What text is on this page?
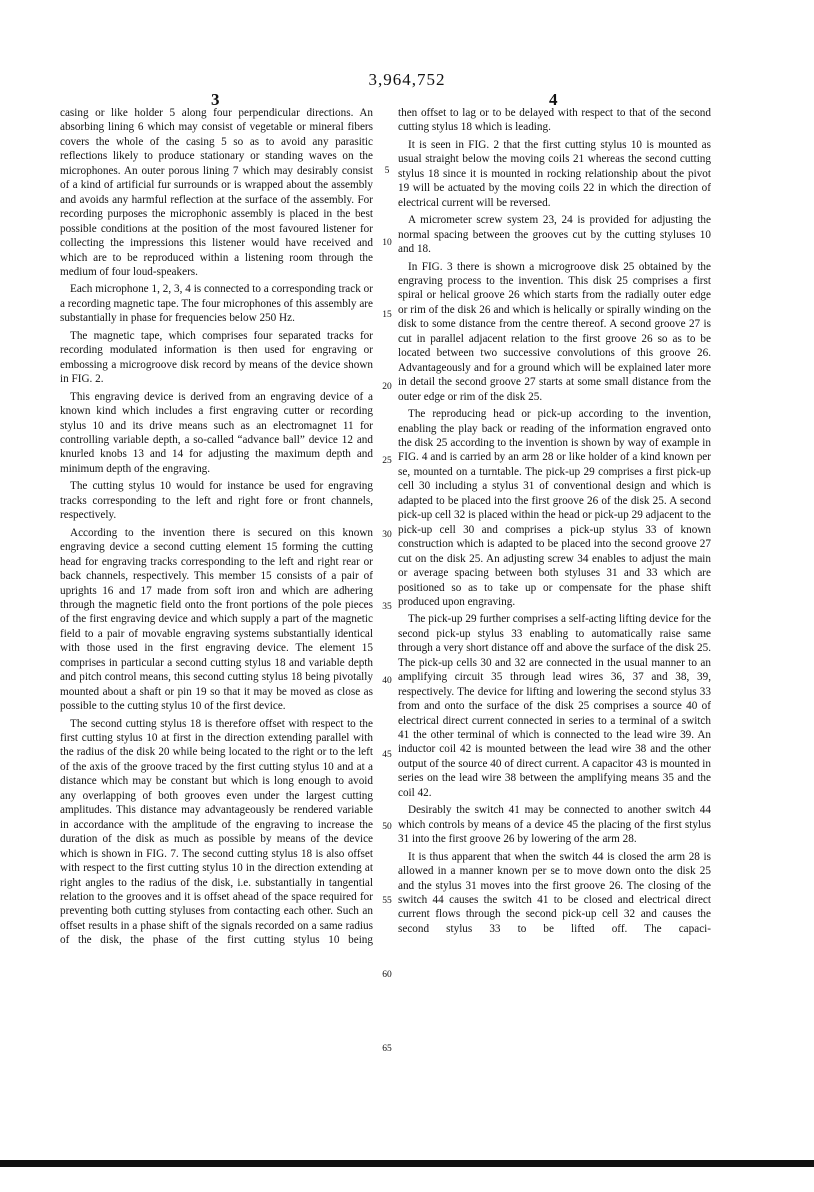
3,964,752
3	4

casing or like holder 5 along four perpendicular directions. An absorbing lining 6 which may consist of vegetable or mineral fibers covers the whole of the casing 5 so as to avoid any parasitic reflections likely to produce stationary or standing waves on the microphones. An outer porous lining 7 which may desirably consist of a kind of artificial fur surrounds or is wrapped about the assembly and avoids any harmful reflection at the surface of the assembly. For recording purposes the microphonic assembly is placed in the best possible conditions at the position of the most favoured listener for collecting the impressions this listener would have received and which are to be reproduced within a listening room through the medium of four loud-speakers.

Each microphone 1, 2, 3, 4 is connected to a corresponding track or a recording magnetic tape. The four microphones of this assembly are substantially in phase for frequencies below 250 Hz.

The magnetic tape, which comprises four separated tracks for recording modulated information is then used for engraving or embossing a microgroove disk record by means of the device shown in FIG. 2.

This engraving device is derived from an engraving device of a known kind which includes a first engraving cutter or recording stylus 10 and its drive means such as an electromagnet 11 for controlling variable depth, a so-called “advance ball” device 12 and knurled knobs 13 and 14 for adjusting the maximum depth and minimum depth of the engraving.

The cutting stylus 10 would for instance be used for engraving tracks corresponding to the left and right fore or front channels, respectively.

According to the invention there is secured on this known engraving device a second cutting element 15 forming the cutting head for engraving tracks corresponding to the left and right rear or back channels, respectively. This member 15 consists of a pair of uprights 16 and 17 made from soft iron and which are adhering through the magnetic field onto the front portions of the pole pieces of the first engraving device and which supply a part of the magnetic field to a pair of movable engraving systems substantially identical with those used in the first engraving device. The element 15 comprises in particular a second cutting stylus 18 and variable depth and pitch control means, this second cutting stylus 18 being pivotally mounted about a shaft or pin 19 so that it may be moved as close as possible to the cutting stylus 10 of the first device.

The second cutting stylus 18 is therefore offset with respect to the first cutting stylus 10 at first in the direction extending parallel with the radius of the disk 20 while being located to the right or to the left of the axis of the groove traced by the first cutting stylus 10 and at a distance which may be constant but which is long enough to avoid any overlapping of both grooves even under the largest cutting amplitudes. This distance may advantageously be rendered variable in accordance with the amplitude of the engraving to increase the duration of the disk as much as possible by means of the device which is shown in FIG. 7. The second cutting stylus 18 is also offset with respect to the first cutting stylus 10 in the direction extending at right angles to the radius of the disk, i.e. substantially in tangential relation to the grooves and it is offset ahead of the space required for preventing both cutting styluses from contacting each other. Such an offset results in a phase shift of the signals recorded on a same radius of the disk, the phase of the first cutting stylus 10 being

then offset to lag or to be delayed with respect to that of the second cutting stylus 18 which is leading.

It is seen in FIG. 2 that the first cutting stylus 10 is mounted as usual straight below the moving coils 21 whereas the second cutting stylus 18 since it is mounted in rocking relationship about the pivot 19 will be actuated by the moving coils 22 in which the direction of electrical current will be reversed.

A micrometer screw system 23, 24 is provided for adjusting the normal spacing between the grooves cut by the cutting styluses 10 and 18.

In FIG. 3 there is shown a microgroove disk 25 obtained by the engraving process to the invention. This disk 25 comprises a first spiral or helical groove 26 which starts from the radially outer edge or rim of the disk 26 and which is helically or spirally winding on the disk to some distance from the centre thereof. A second groove 27 is cut in parallel adjacent relation to the first groove 26 so as to be located between two successive convolutions of this groove 26. Advantageously and for a ground which will be explained later more in detail the second groove 27 starts at some small distance from the outer edge or rim of the disk 25.

The reproducing head or pick-up according to the invention, enabling the play back or reading of the information engraved onto the disk 25 according to the invention is shown by way of example in FIG. 4 and is carried by an arm 28 or like holder of a kind known per se, mounted on a turntable. The pick-up 29 comprises a first pick-up cell 30 including a stylus 31 of conventional design and which is adapted to be placed into the first groove 26 of the disk 25. A second pick-up cell 32 is placed within the head or pick-up 29 adjacent to the pick-up cell 30 and comprises a pick-up stylus 33 of known construction which is adapted to be placed into the second groove 27 cut on the disk 25. An adjusting screw 34 enables to adjust the main or average spacing between both styluses 31 and 33 which are positioned so as to take up or compensate for the phase shift produced upon engraving.

The pick-up 29 further comprises a self-acting lifting device for the second pick-up stylus 33 enabling to automatically raise same through a very short distance off and above the surface of the disk 25. The pick-up cells 30 and 32 are connected in the usual manner to an amplifying circuit 35 through lead wires 36, 37 and 38, 39, respectively. The device for lifting and lowering the second stylus 33 from and onto the surface of the disk 25 comprises a source 40 of electrical direct current connected in series to a terminal of a switch 41 the other terminal of which is connected to the lead wire 39. An inductor coil 42 is mounted between the lead wire 38 and the other output of the source 40 of direct current. A capacitor 43 is mounted in series on the lead wire 38 between the amplifying means 35 and the coil 42.

Desirably the switch 41 may be connected to another switch 44 which controls by means of a device 45 the placing of the first stylus 31 into the first groove 26 by lowering of the arm 28.

It is thus apparent that when the switch 44 is closed the arm 28 is allowed in a manner known per se to move down onto the disk 25 and the stylus 31 moves into the first groove 26. The closing of the switch 44 causes the switch 41 to be closed and electrical direct current flows through the second pick-up cell 32 and causes the second stylus 33 to be lifted off. The capaci-

5
10
15
20
25
30
35
40
45
50
55
60
65
